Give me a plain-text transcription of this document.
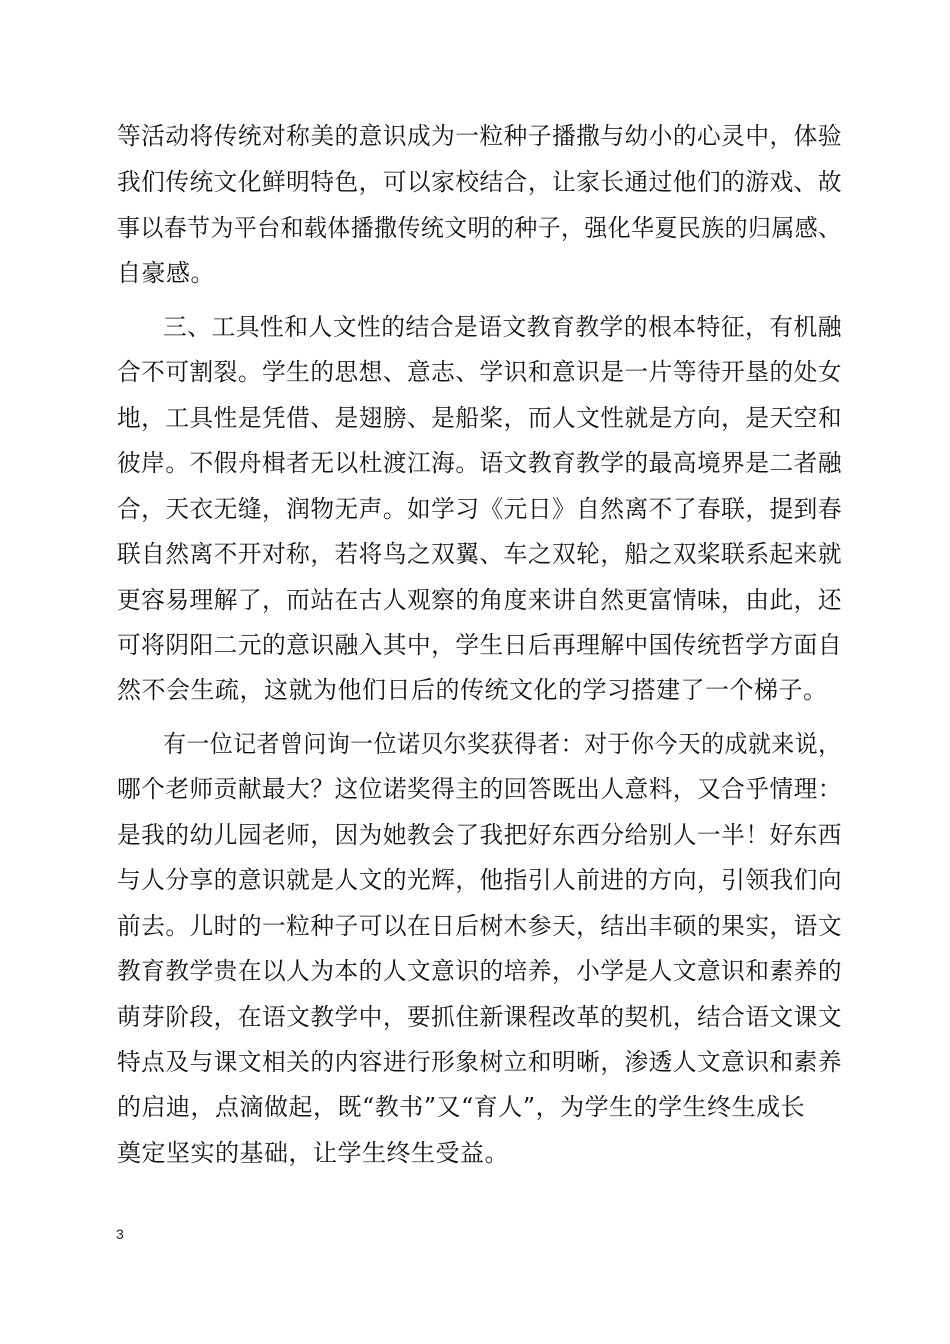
等活动将传统对称美的意识成为一粒种子播撒与幼小的心灵中，体验
我们传统文化鲜明特色，可以家校结合，让家长通过他们的游戏、故
事以春节为平台和载体播撒传统文明的种子，强化华夏民族的归属感、
自豪感。
三、工具性和人文性的结合是语文教育教学的根本特征，有机融
合不可割裂。学生的思想、意志、学识和意识是一片等待开垦的处女
地，工具性是凭借、是翅膀、是船桨，而人文性就是方向，是天空和
彼岸。不假舟楫者无以杜渡江海。语文教育教学的最高境界是二者融
合，天衣无缝，润物无声。如学习《元日》自然离不了春联，提到春
联自然离不开对称，若将鸟之双翼、车之双轮，船之双桨联系起来就
更容易理解了，而站在古人观察的角度来讲自然更富情味，由此，还
可将阴阳二元的意识融入其中，学生日后再理解中国传统哲学方面自
然不会生疏，这就为他们日后的传统文化的学习搭建了一个梯子。
有一位记者曾问询一位诺贝尔奖获得者：对于你今天的成就来说，
哪个老师贡献最大？这位诺奖得主的回答既出人意料，又合乎情理：
是我的幼儿园老师，因为她教会了我把好东西分给别人一半！好东西
与人分享的意识就是人文的光辉，他指引人前进的方向，引领我们向
前去。儿时的一粒种子可以在日后树木参天，结出丰硕的果实，语文
教育教学贵在以人为本的人文意识的培养，小学是人文意识和素养的
萌芽阶段，在语文教学中，要抓住新课程改革的契机，结合语文课文
特点及与课文相关的内容进行形象树立和明晰，渗透人文意识和素养
的启迪，点滴做起，既“教书”又“育人”，为学生的学生终生成长
奠定坚实的基础，让学生终生受益。
3
